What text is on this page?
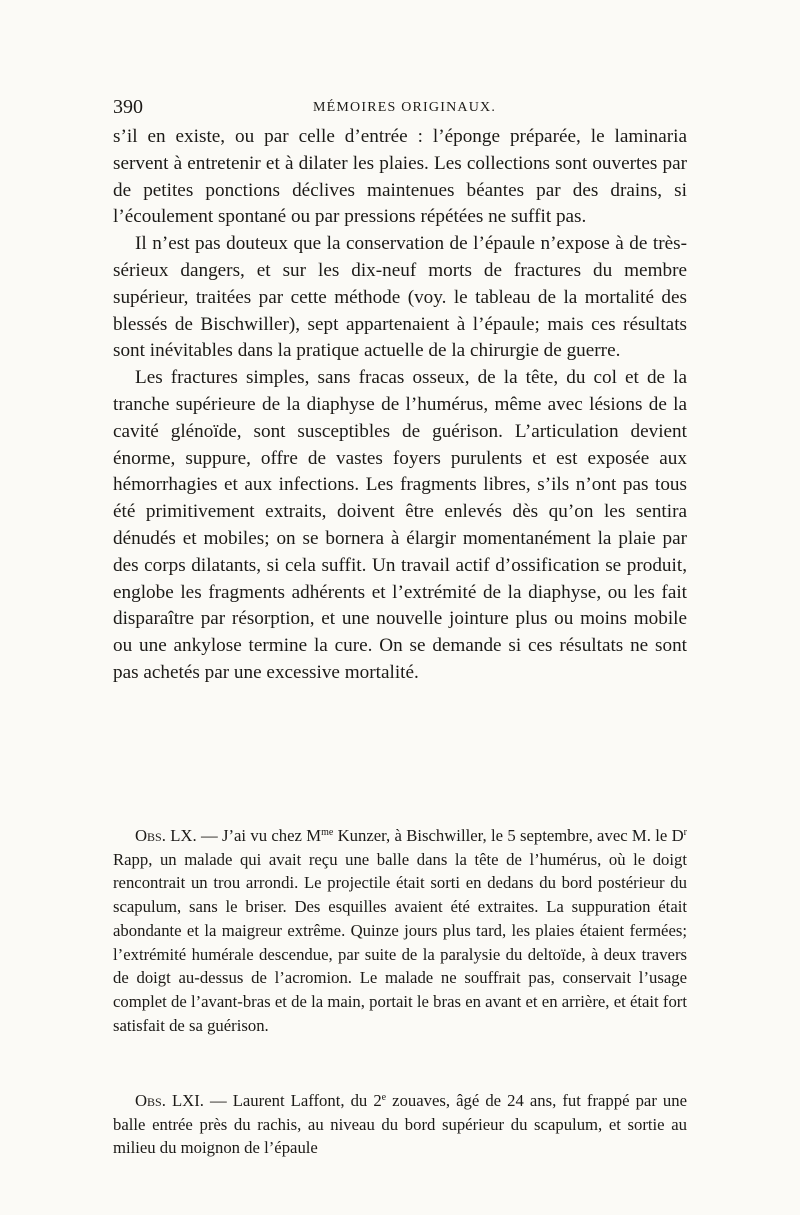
390	MÉMOIRES ORIGINAUX.

s’il en existe, ou par celle d’entrée : l’éponge préparée, le laminaria servent à entretenir et à dilater les plaies. Les collections sont ouvertes par de petites ponctions déclives maintenues béantes par des drains, si l’écoulement spontané ou par pressions répétées ne suffit pas.

Il n’est pas douteux que la conservation de l’épaule n’expose à de très-sérieux dangers, et sur les dix-neuf morts de fractures du membre supérieur, traitées par cette méthode (voy. le tableau de la mortalité des blessés de Bischwiller), sept appartenaient à l’épaule; mais ces résultats sont inévitables dans la pratique actuelle de la chirurgie de guerre.

Les fractures simples, sans fracas osseux, de la tête, du col et de la tranche supérieure de la diaphyse de l’humérus, même avec lésions de la cavité glénoïde, sont susceptibles de guérison. L’articulation devient énorme, suppure, offre de vastes foyers purulents et est exposée aux hémorrhagies et aux infections. Les fragments libres, s’ils n’ont pas tous été primitivement extraits, doivent être enlevés dès qu’on les sentira dénudés et mobiles; on se bornera à élargir momentanément la plaie par des corps dilatants, si cela suffit. Un travail actif d’ossification se produit, englobe les fragments adhérents et l’extrémité de la diaphyse, ou les fait disparaître par résorption, et une nouvelle jointure plus ou moins mobile ou une ankylose termine la cure. On se demande si ces résultats ne sont pas achetés par une excessive mortalité.

Obs. LX. — J’ai vu chez $M^{me}$ Kunzer, à Bischwiller, le 5 septembre, avec M. le $D^r$ Rapp, un malade qui avait reçu une balle dans la tête de l’humérus, où le doigt rencontrait un trou arrondi. Le projectile était sorti en dedans du bord postérieur du scapulum, sans le briser. Des esquilles avaient été extraites. La suppuration était abondante et la maigreur extrême. Quinze jours plus tard, les plaies étaient fermées; l’extrémité humérale descendue, par suite de la paralysie du deltoïde, à deux travers de doigt au-dessus de l’acromion. Le malade ne souffrait pas, conservait l’usage complet de l’avant-bras et de la main, portait le bras en avant et en arrière, et était fort satisfait de sa guérison.

Obs. LXI. — Laurent Laffont, du 2e zouaves, âgé de 24 ans, fut frappé par une balle entrée près du rachis, au niveau du bord supérieur du scapulum, et sortie au milieu du moignon de l’épaule
